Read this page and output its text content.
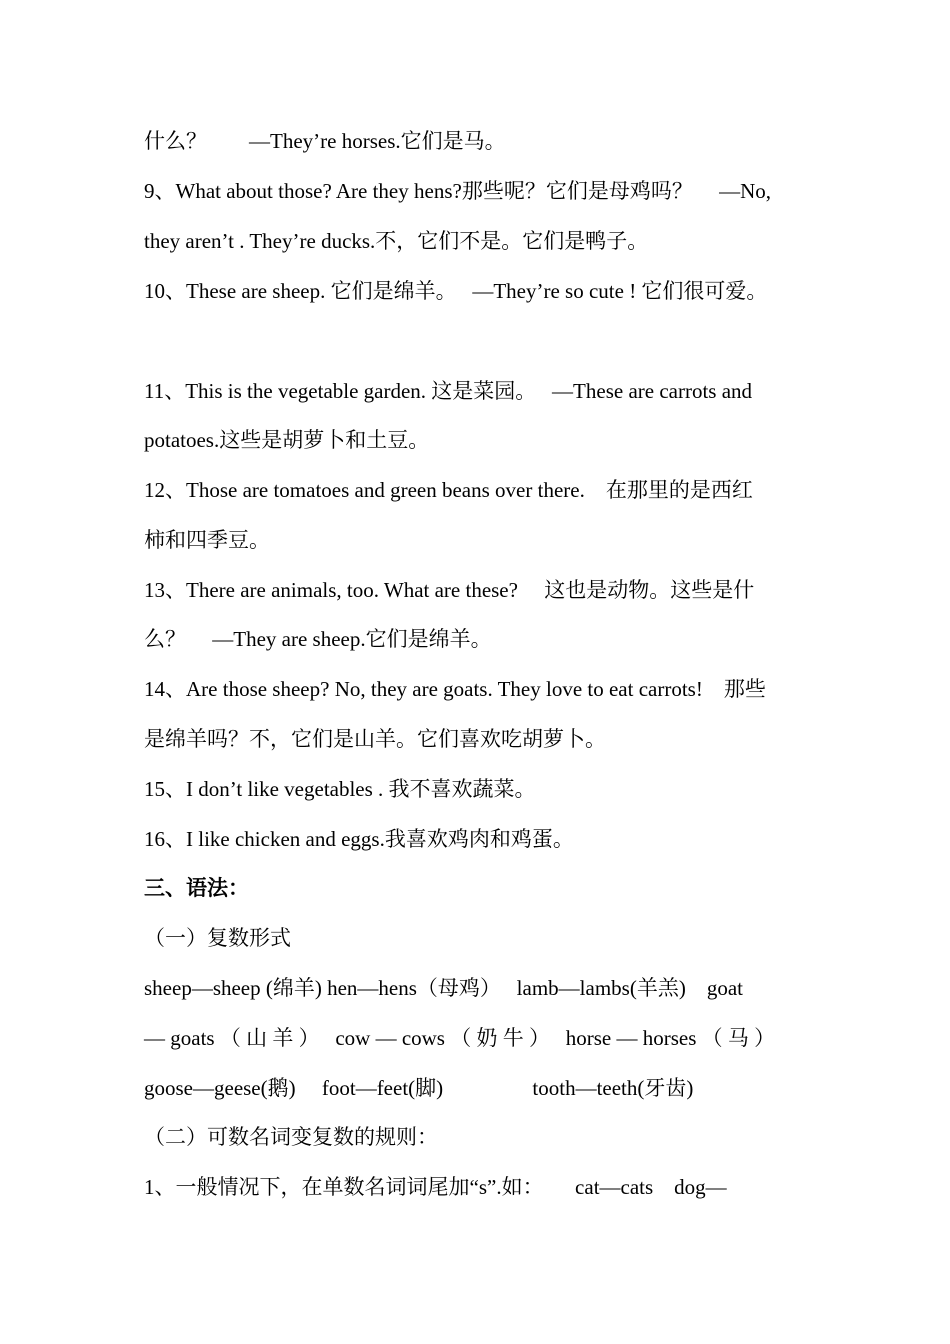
什么？　　—They’re horses.它们是马。
9、What about those? Are they hens?那些呢？它们是母鸡吗？　 —No,
they aren’t . They’re ducks.不，它们不是。它们是鸭子。
10、These are sheep. 它们是绵羊。　 —They’re so cute ! 它们很可爱。
11、This is the vegetable garden. 这是菜园。　 —These are carrots and
potatoes.这些是胡萝卜和土豆。
12、Those are tomatoes and green beans over there.　在那里的是西红
柿和四季豆。
13、There are animals, too. What are these?　 这也是动物。这些是什
么？　 —They are sheep.它们是绵羊。
14、Are those sheep? No, they are goats. They love to eat carrots!　那些
是绵羊吗？不，它们是山羊。它们喜欢吃胡萝卜。
15、I don’t like vegetables . 我不喜欢蔬菜。
16、I like chicken and eggs.我喜欢鸡肉和鸡蛋。
三、语法：
（一）复数形式
sheep—sheep (绵羊) hen—hens（母鸡）　 lamb—lambs(羊羔)　goat
— goats （ 山 羊 ）　 cow — cows （ 奶 牛 ）　 horse — horses （ 马 ）
goose—geese(鹅)　 foot—feet(脚)　　　　 tooth—teeth(牙齿)
（二）可数名词变复数的规则：
1、一般情况下，在单数名词词尾加“s”.如：　　cat—cats　dog—
